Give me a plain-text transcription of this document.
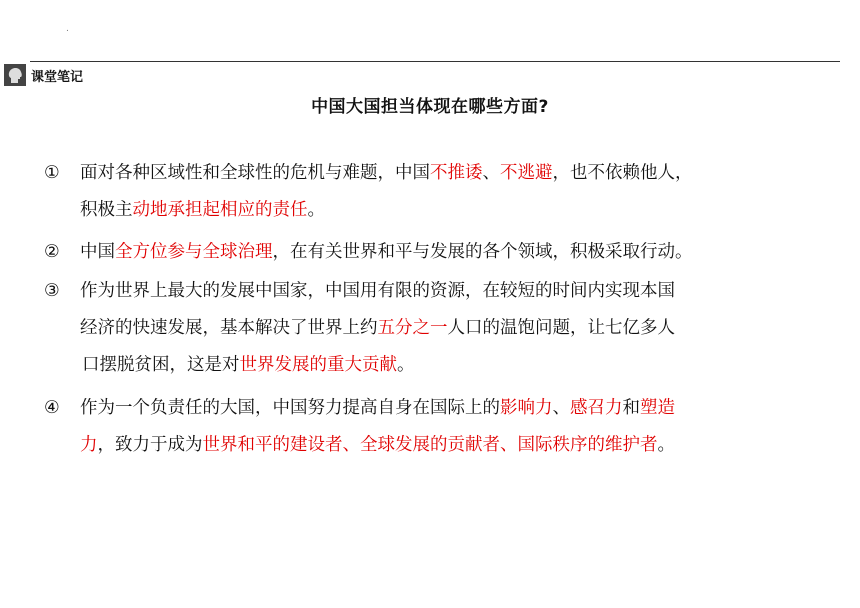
.
课堂笔记
中国大国担当体现在哪些方面?
① 面对各种区域性和全球性的危机与难题，中国不推诿、不逃避，也不依赖他人，
积极主动地承担起相应的责任。
② 中国全方位参与全球治理，在有关世界和平与发展的各个领域，积极采取行动。
③ 作为世界上最大的发展中国家，中国用有限的资源，在较短的时间内实现本国
经济的快速发展，基本解决了世界上约五分之一人口的温饱问题，让七亿多人
口摆脱贫困，这是对世界发展的重大贡献。
④ 作为一个负责任的大国，中国努力提高自身在国际上的影响力、感召力和塑造
力，致力于成为世界和平的建设者、全球发展的贡献者、国际秩序的维护者。
